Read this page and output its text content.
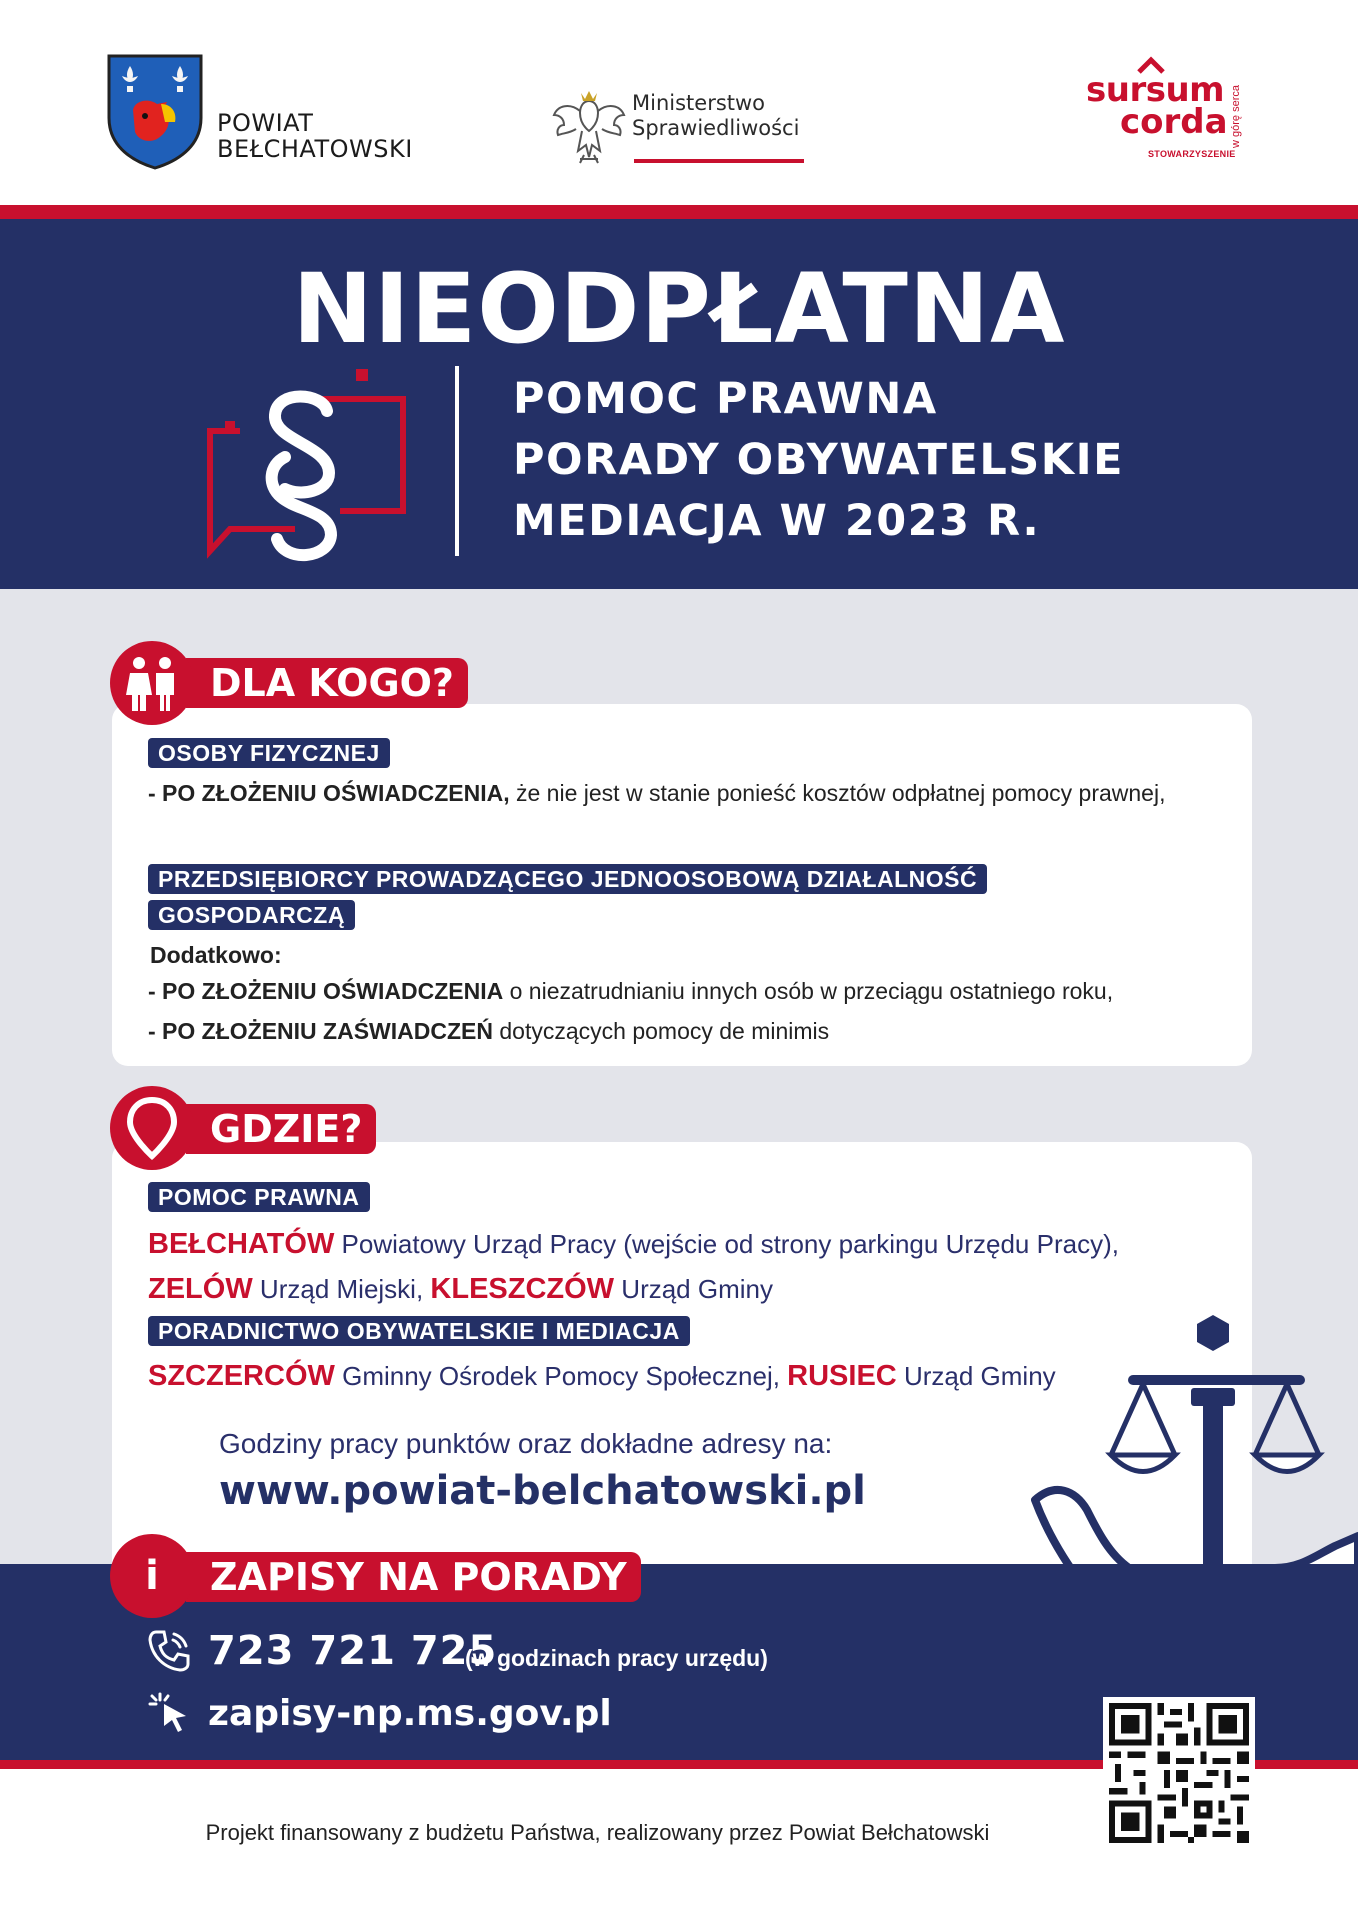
POWIAT
BEŁCHATOWSKI
Ministerstwo
Sprawiedliwości
sursum
corda
STOWARZYSZENIE
w górę serca
NIEODPŁATNA
POMOC PRAWNA
PORADY OBYWATELSKIE
MEDIACJA W 2023 R.
OSOBY FIZYCZNEJ
- PO ZŁOŻENIU OŚWIADCZENIA, że nie jest w stanie ponieść kosztów odpłatnej pomocy prawnej,
PRZEDSIĘBIORCY PROWADZĄCEGO JEDNOOSOBOWĄ DZIAŁALNOŚĆ
GOSPODARCZĄ
Dodatkowo:
- PO ZŁOŻENIU OŚWIADCZENIA o niezatrudnianiu innych osób w przeciągu ostatniego roku,
- PO ZŁOŻENIU ZAŚWIADCZEŃ dotyczących pomocy de minimis
DLA KOGO?
POMOC PRAWNA
BEŁCHATÓW Powiatowy Urząd Pracy (wejście od strony parkingu Urzędu Pracy),
ZELÓW Urząd Miejski, KLESZCZÓW Urząd Gminy
PORADNICTWO OBYWATELSKIE I MEDIACJA
SZCZERCÓW Gminny Ośrodek Pomocy Społecznej, RUSIEC Urząd Gminy
Godziny pracy punktów oraz dokładne adresy na:
www.powiat-belchatowski.pl
GDZIE?
ZAPISY NA PORADY
i
723 721 725
(w godzinach pracy urzędu)
zapisy-np.ms.gov.pl
Projekt finansowany z budżetu Państwa, realizowany przez Powiat Bełchatowski
